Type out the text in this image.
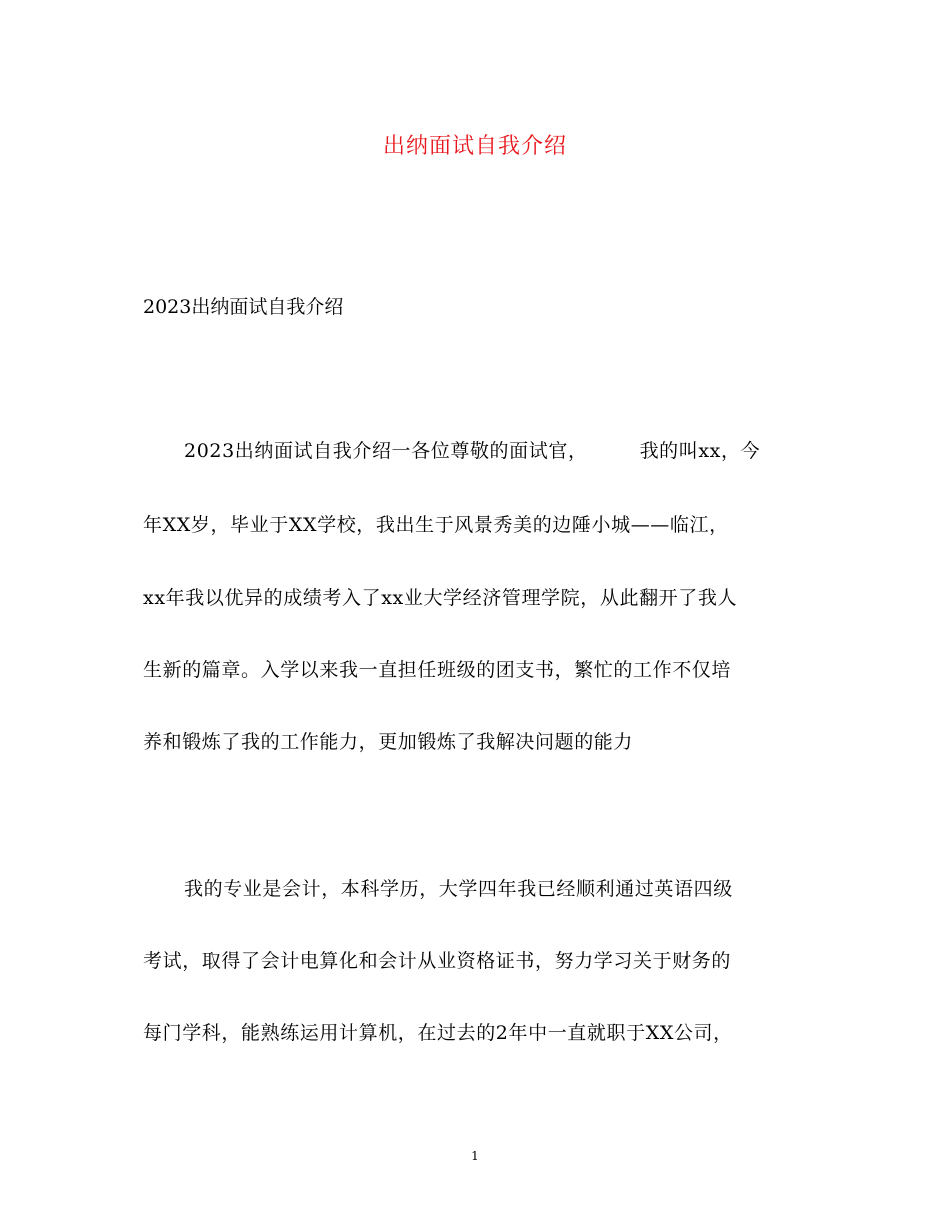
出纳面试自我介绍
2023出纳面试自我介绍
2023出纳面试自我介绍一各位尊敬的面试官，	我的叫xx，今
年XX岁，毕业于XX学校，我出生于风景秀美的边陲小城——临江，
xx年我以优异的成绩考入了xx业大学经济管理学院，从此翻开了我人
生新的篇章。入学以来我一直担任班级的团支书，繁忙的工作不仅培
养和锻炼了我的工作能力，更加锻炼了我解决问题的能力
我的专业是会计，本科学历，大学四年我已经顺利通过英语四级
考试，取得了会计电算化和会计从业资格证书，努力学习关于财务的
每门学科，能熟练运用计算机，在过去的2年中一直就职于XX公司，
1
